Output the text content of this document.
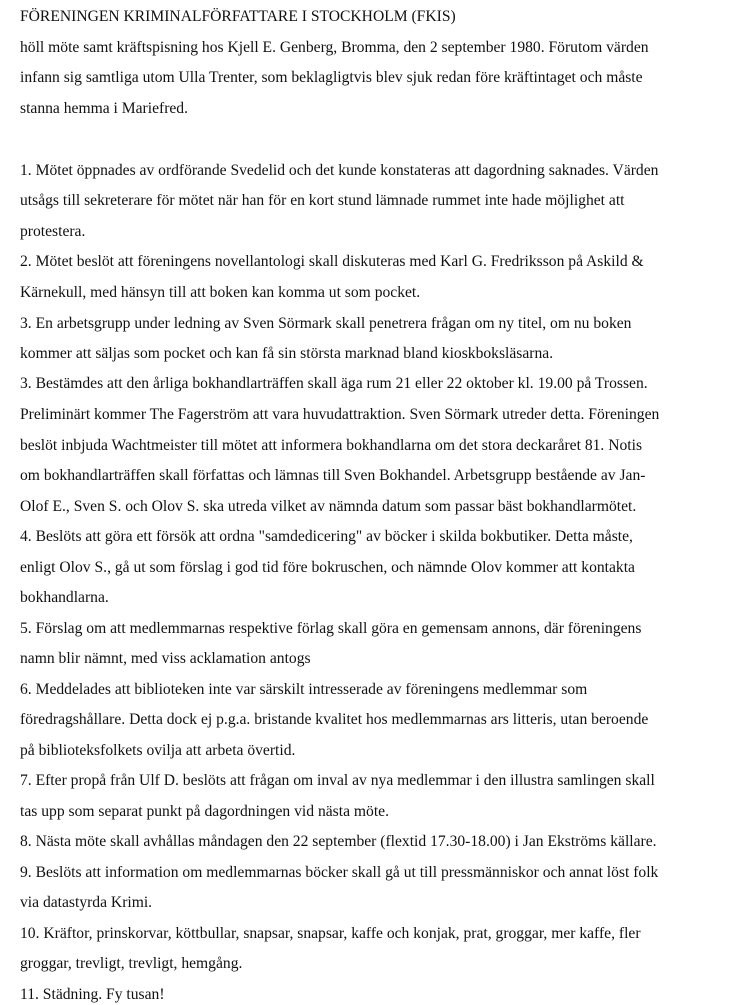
FÖRENINGEN KRIMINALFÖRFATTARE I STOCKHOLM (FKIS)
höll möte samt kräftspisning hos Kjell E. Genberg, Bromma, den 2 september 1980. Förutom värden
infann sig samtliga utom Ulla Trenter, som beklagligtvis blev sjuk redan före kräftintaget och måste
stanna hemma i Mariefred.
1. Mötet öppnades av ordförande Svedelid och det kunde konstateras att dagordning saknades. Värden
utsågs till sekreterare för mötet när han för en kort stund lämnade rummet inte hade möjlighet att
protestera.
2. Mötet beslöt att föreningens novellantologi skall diskuteras med Karl G. Fredriksson på Askild &
Kärnekull, med hänsyn till att boken kan komma ut som pocket.
3. En arbetsgrupp under ledning av Sven Sörmark skall penetrera frågan om ny titel, om nu boken
kommer att säljas som pocket och kan få sin största marknad bland kioskboksläsarna.
3. Bestämdes att den årliga bokhandlarträffen skall äga rum 21 eller 22 oktober kl. 19.00 på Trossen.
Preliminärt kommer The Fagerström att vara huvudattraktion. Sven Sörmark utreder detta. Föreningen
beslöt inbjuda Wachtmeister till mötet att informera bokhandlarna om det stora deckaråret 81. Notis
om bokhandlarträffen skall författas och lämnas till Sven Bokhandel. Arbetsgrupp bestående av Jan-
Olof E., Sven S. och Olov S. ska utreda vilket av nämnda datum som passar bäst bokhandlarmötet.
4. Beslöts att göra ett försök att ordna "samdedicering" av böcker i skilda bokbutiker. Detta måste,
enligt Olov S., gå ut som förslag i god tid före bokruschen, och nämnde Olov kommer att kontakta
bokhandlarna.
5. Förslag om att medlemmarnas respektive förlag skall göra en gemensam annons, där föreningens
namn blir nämnt, med viss acklamation antogs
6. Meddelades att biblioteken inte var särskilt intresserade av föreningens medlemmar som
föredragshållare. Detta dock ej p.g.a. bristande kvalitet hos medlemmarnas ars litteris, utan beroende
på biblioteksfolkets ovilja att arbeta övertid.
7. Efter propå från Ulf D. beslöts att frågan om inval av nya medlemmar i den illustra samlingen skall
tas upp som separat punkt på dagordningen vid nästa möte.
8. Nästa möte skall avhållas måndagen den 22 september (flextid 17.30-18.00) i Jan Ekströms källare.
9. Beslöts att information om medlemmarnas böcker skall gå ut till pressmänniskor och annat löst folk
via datastyrda Krimi.
10. Kräftor, prinskorvar, köttbullar, snapsar, snapsar, kaffe och konjak, prat, groggar, mer kaffe, fler
groggar, trevligt, trevligt, hemgång.
11. Städning. Fy tusan!
